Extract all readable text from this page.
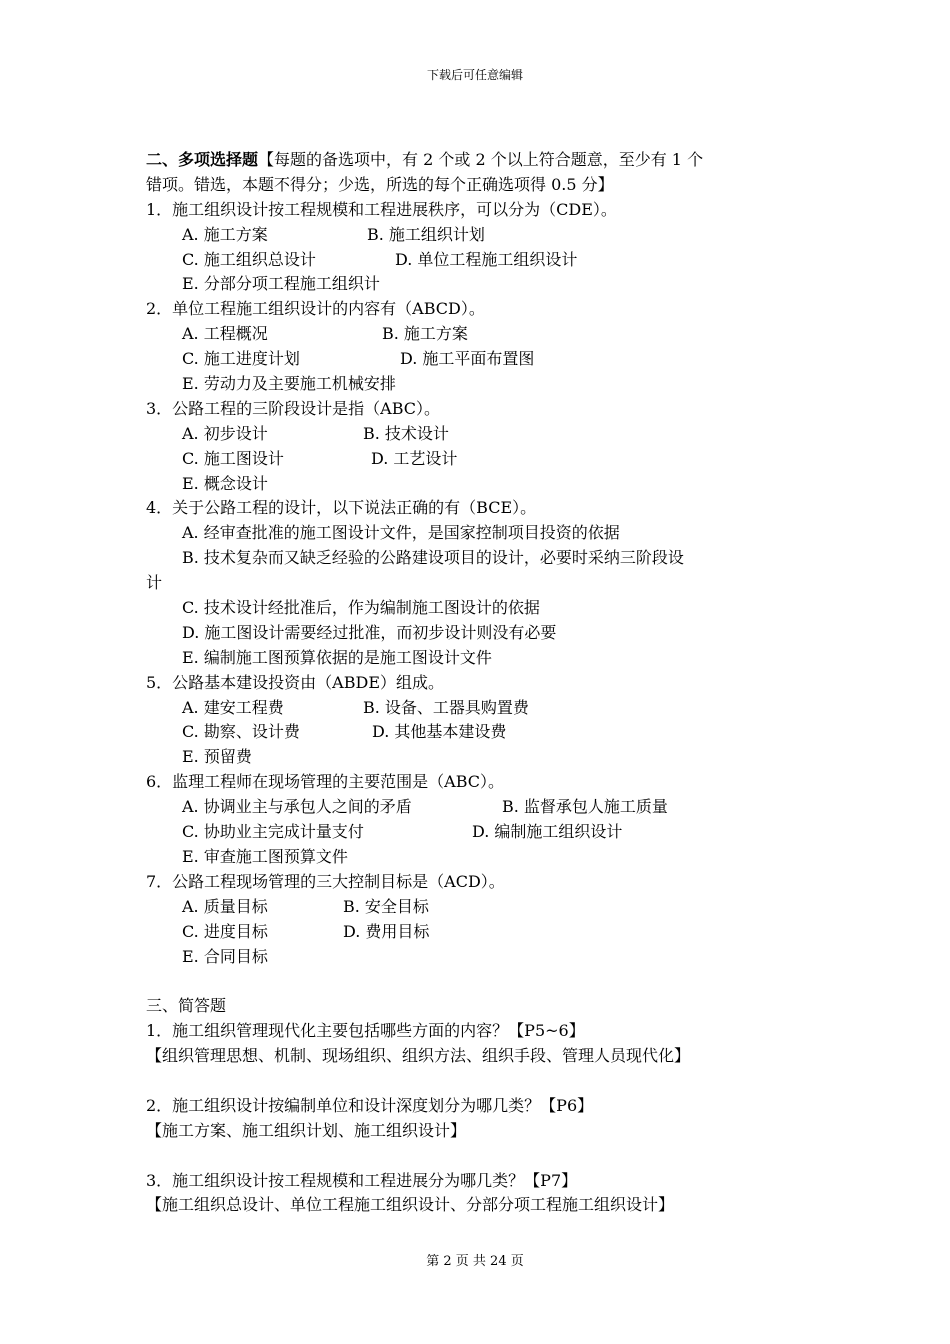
下载后可任意编辑
二、多项选择题【每题的备选项中，有 2 个或 2 个以上符合题意，至少有 1 个
错项。错选，本题不得分；少选，所选的每个正确选项得 0.5 分】
1．施工组织设计按工程规模和工程进展秩序，可以分为（CDE）。
A. 施工方案	B. 施工组织计划
C. 施工组织总设计	D. 单位工程施工组织设计
E. 分部分项工程施工组织计
2．单位工程施工组织设计的内容有（ABCD）。
A. 工程概况	B. 施工方案
C. 施工进度计划	D. 施工平面布置图
E. 劳动力及主要施工机械安排
3．公路工程的三阶段设计是指（ABC）。
A. 初步设计	B. 技术设计
C. 施工图设计	D. 工艺设计
E. 概念设计
4．关于公路工程的设计，以下说法正确的有（BCE）。
A. 经审查批准的施工图设计文件，是国家控制项目投资的依据
B. 技术复杂而又缺乏经验的公路建设项目的设计，必要时采纳三阶段设
计
C. 技术设计经批准后，作为编制施工图设计的依据
D. 施工图设计需要经过批准，而初步设计则没有必要
E. 编制施工图预算依据的是施工图设计文件
5．公路基本建设投资由（ABDE）组成。
A. 建安工程费	B. 设备、工器具购置费
C. 勘察、设计费	D. 其他基本建设费
E. 预留费
6．监理工程师在现场管理的主要范围是（ABC）。
A. 协调业主与承包人之间的矛盾	B. 监督承包人施工质量
C. 协助业主完成计量支付	D. 编制施工组织设计
E. 审查施工图预算文件
7．公路工程现场管理的三大控制目标是（ACD）。
A. 质量目标	B. 安全目标
C. 进度目标	D. 费用目标
E. 合同目标
三、简答题
1．施工组织管理现代化主要包括哪些方面的内容？【P5~6】
【组织管理思想、机制、现场组织、组织方法、组织手段、管理人员现代化】
2．施工组织设计按编制单位和设计深度划分为哪几类？【P6】
【施工方案、施工组织计划、施工组织设计】
3．施工组织设计按工程规模和工程进展分为哪几类？【P7】
【施工组织总设计、单位工程施工组织设计、分部分项工程施工组织设计】
第 2 页 共 24 页
